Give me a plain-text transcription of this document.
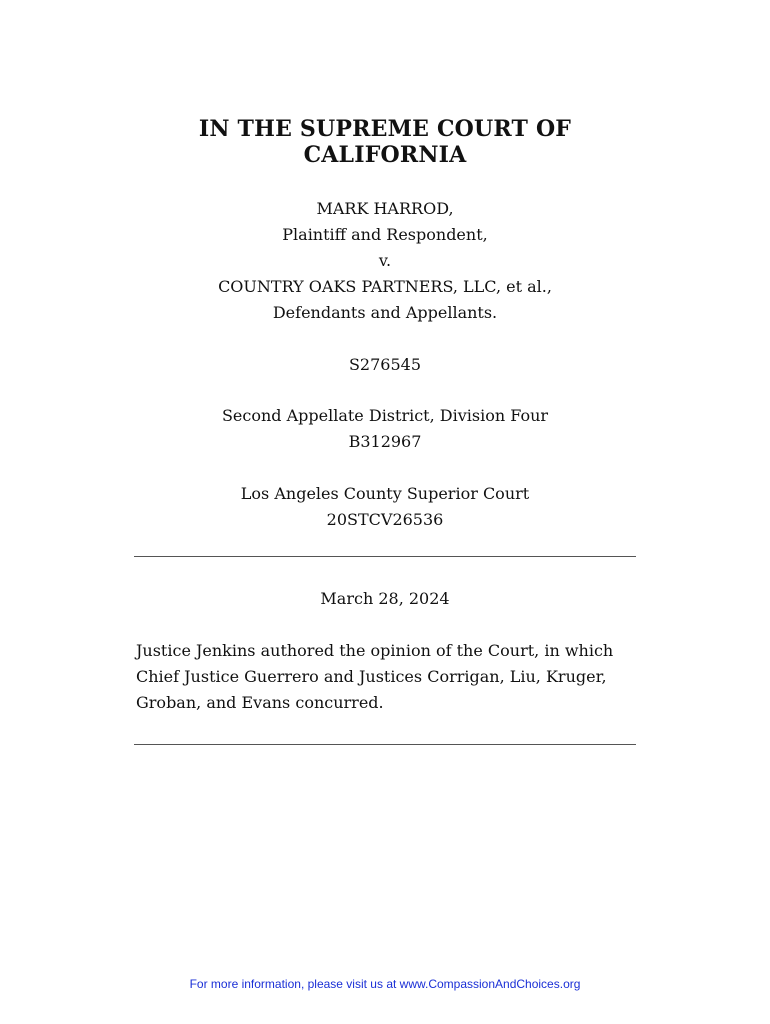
IN THE SUPREME COURT OF
CALIFORNIA
MARK HARROD,
Plaintiff and Respondent,
v.
COUNTRY OAKS PARTNERS, LLC, et al.,
Defendants and Appellants.
S276545
Second Appellate District, Division Four
B312967
Los Angeles County Superior Court
20STCV26536
March 28, 2024
Justice Jenkins authored the opinion of the Court, in which Chief Justice Guerrero and Justices Corrigan, Liu, Kruger, Groban, and Evans concurred.
For more information, please visit us at www.CompassionAndChoices.org
